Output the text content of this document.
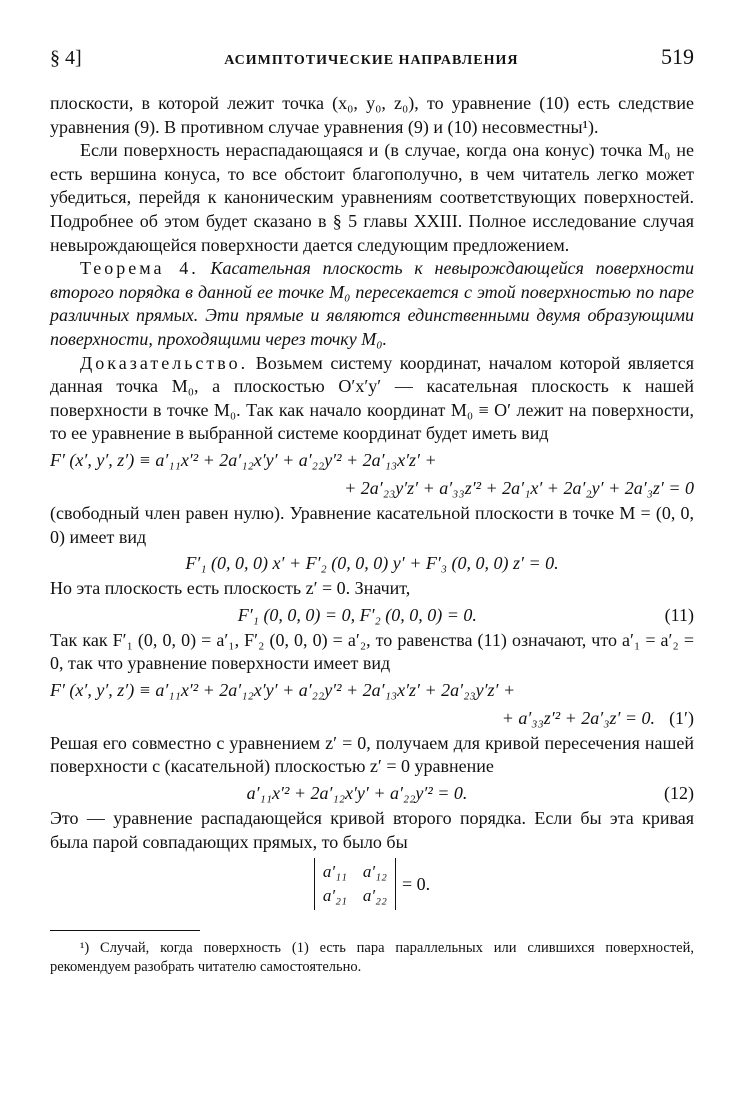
§ 4]	АСИМПТОТИЧЕСКИЕ НАПРАВЛЕНИЯ	519

плоскости, в которой лежит точка (x₀, y₀, z₀), то уравнение (10) есть следствие уравнения (9). В противном случае уравнения (9) и (10) несовместны¹).

Если поверхность нераспадающаяся и (в случае, когда она конус) точка M₀ не есть вершина конуса, то все обстоит благополучно, в чем читатель легко может убедиться, перейдя к каноническим уравнениям соответствующих поверхностей. Подробнее об этом будет сказано в § 5 главы XXIII. Полное исследование случая невырождающейся поверхности дается следующим предложением.

Теорема 4. Касательная плоскость к невырождающейся поверхности второго порядка в данной ее точке M₀ пересекается с этой поверхностью по паре различных прямых. Эти прямые и являются единственными двумя образующими поверхности, проходящими через точку M₀.

Доказательство. Возьмем систему координат, началом которой является данная точка M₀, а плоскостью O′x′y′ — касательная плоскость к нашей поверхности в точке M₀. Так как начало координат M₀ ≡ O′ лежит на поверхности, то ее уравнение в выбранной системе координат будет иметь вид

F′ (x′, y′, z′) ≡ a′₁₁x′² + 2a′₁₂x′y′ + a′₂₂y′² + 2a′₁₃x′z′ +
+ 2a′₂₃y′z′ + a′₃₃z′² + 2a′₁x′ + 2a′₂y′ + 2a′₃z′ = 0

(свободный член равен нулю). Уравнение касательной плоскости в точке M = (0, 0, 0) имеет вид

F′₁ (0, 0, 0) x′ + F′₂ (0, 0, 0) y′ + F′₃ (0, 0, 0) z′ = 0.

Но эта плоскость есть плоскость z′ = 0. Значит,

F′₁ (0, 0, 0) = 0, F′₂ (0, 0, 0) = 0.	(11)

Так как F′₁ (0, 0, 0) = a′₁, F′₂ (0, 0, 0) = a′₂, то равенства (11) означают, что a′₁ = a′₂ = 0, так что уравнение поверхности имеет вид

F′ (x′, y′, z′) ≡ a′₁₁x′² + 2a′₁₂x′y′ + a′₂₂y′² + 2a′₁₃x′z′ + 2a′₂₃y′z′ +
+ a′₃₃z′² + 2a′₃z′ = 0. (1′)

Решая его совместно с уравнением z′ = 0, получаем для кривой пересечения нашей поверхности с (касательной) плоскостью z′ = 0 уравнение

a′₁₁x′² + 2a′₁₂x′y′ + a′₂₂y′² = 0.	(12)

Это — уравнение распадающейся кривой второго порядка. Если бы эта кривая была парой совпадающих прямых, то было бы

a′₁₁ a′₁₂
a′₂₁ a′₂₂
= 0.

¹) Случай, когда поверхность (1) есть пара параллельных или слившихся поверхностей, рекомендуем разобрать читателю самостоятельно.
